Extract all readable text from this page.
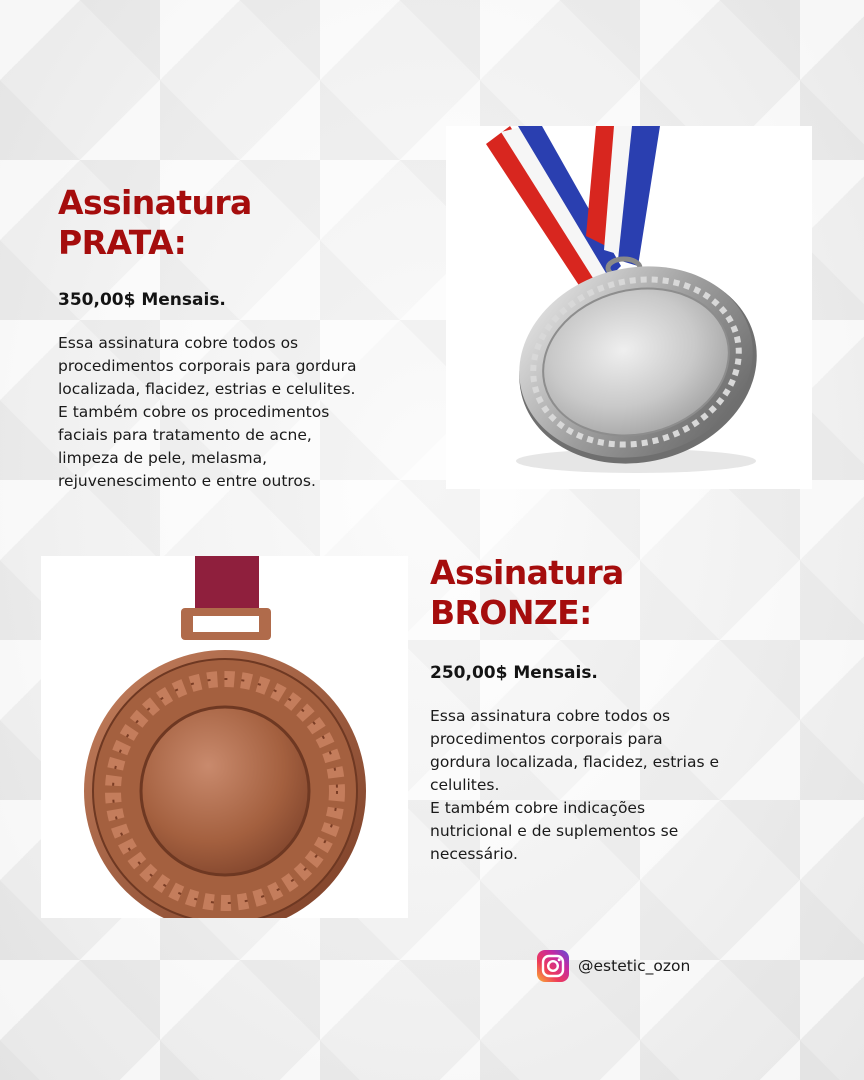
Assinatura
PRATA:

350,00$ Mensais.

Essa assinatura cobre todos os
procedimentos corporais para gordura
localizada, flacidez, estrias e celulites.
E também cobre os procedimentos
faciais para tratamento de acne,
limpeza de pele, melasma,
rejuvenescimento e entre outros.

Assinatura
BRONZE:

250,00$ Mensais.

Essa assinatura cobre todos os
procedimentos corporais para
gordura localizada, flacidez, estrias e
celulites.
E também cobre indicações
nutricional e de suplementos se
necessário.

@estetic_ozon
